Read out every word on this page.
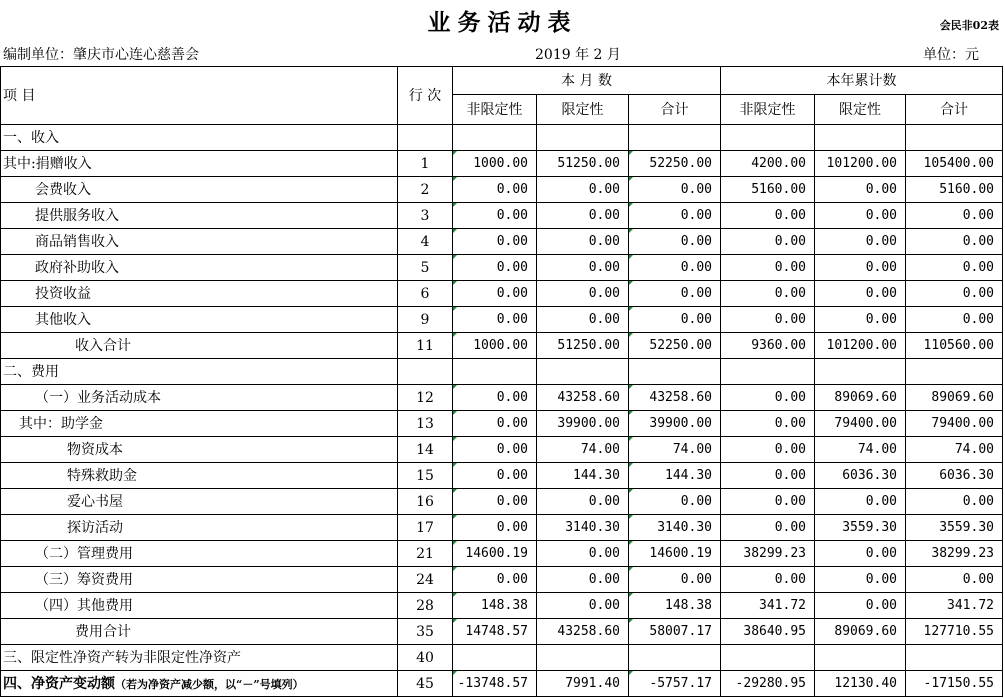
业务活动表	会民非02表
编制单位：肇庆市心连心慈善会	2019 年 2 月	单位：元
项 目	行 次	本 月 数			本年累计数		
		非限定性	限定性	合计	非限定性	限定性	合计
一、收入							
其中:捐赠收入	1	1000.00	51250.00	52250.00	4200.00	101200.00	105400.00
会费收入	2	0.00	0.00	0.00	5160.00	0.00	5160.00
提供服务收入	3	0.00	0.00	0.00	0.00	0.00	0.00
商品销售收入	4	0.00	0.00	0.00	0.00	0.00	0.00
政府补助收入	5	0.00	0.00	0.00	0.00	0.00	0.00
投资收益	6	0.00	0.00	0.00	0.00	0.00	0.00
其他收入	9	0.00	0.00	0.00	0.00	0.00	0.00
收入合计	11	1000.00	51250.00	52250.00	9360.00	101200.00	110560.00
二、费用							
（一）业务活动成本	12	0.00	43258.60	43258.60	0.00	89069.60	89069.60
其中：助学金	13	0.00	39900.00	39900.00	0.00	79400.00	79400.00
物资成本	14	0.00	74.00	74.00	0.00	74.00	74.00
特殊救助金	15	0.00	144.30	144.30	0.00	6036.30	6036.30
爱心书屋	16	0.00	0.00	0.00	0.00	0.00	0.00
探访活动	17	0.00	3140.30	3140.30	0.00	3559.30	3559.30
（二）管理费用	21	14600.19	0.00	14600.19	38299.23	0.00	38299.23
（三）筹资费用	24	0.00	0.00	0.00	0.00	0.00	0.00
（四）其他费用	28	148.38	0.00	148.38	341.72	0.00	341.72
费用合计	35	14748.57	43258.60	58007.17	38640.95	89069.60	127710.55
三、限定性净资产转为非限定性净资产	40						
四、净资产变动额（若为净资产减少额，以“－”号填列）	45	-13748.57	7991.40	-5757.17	-29280.95	12130.40	-17150.55
